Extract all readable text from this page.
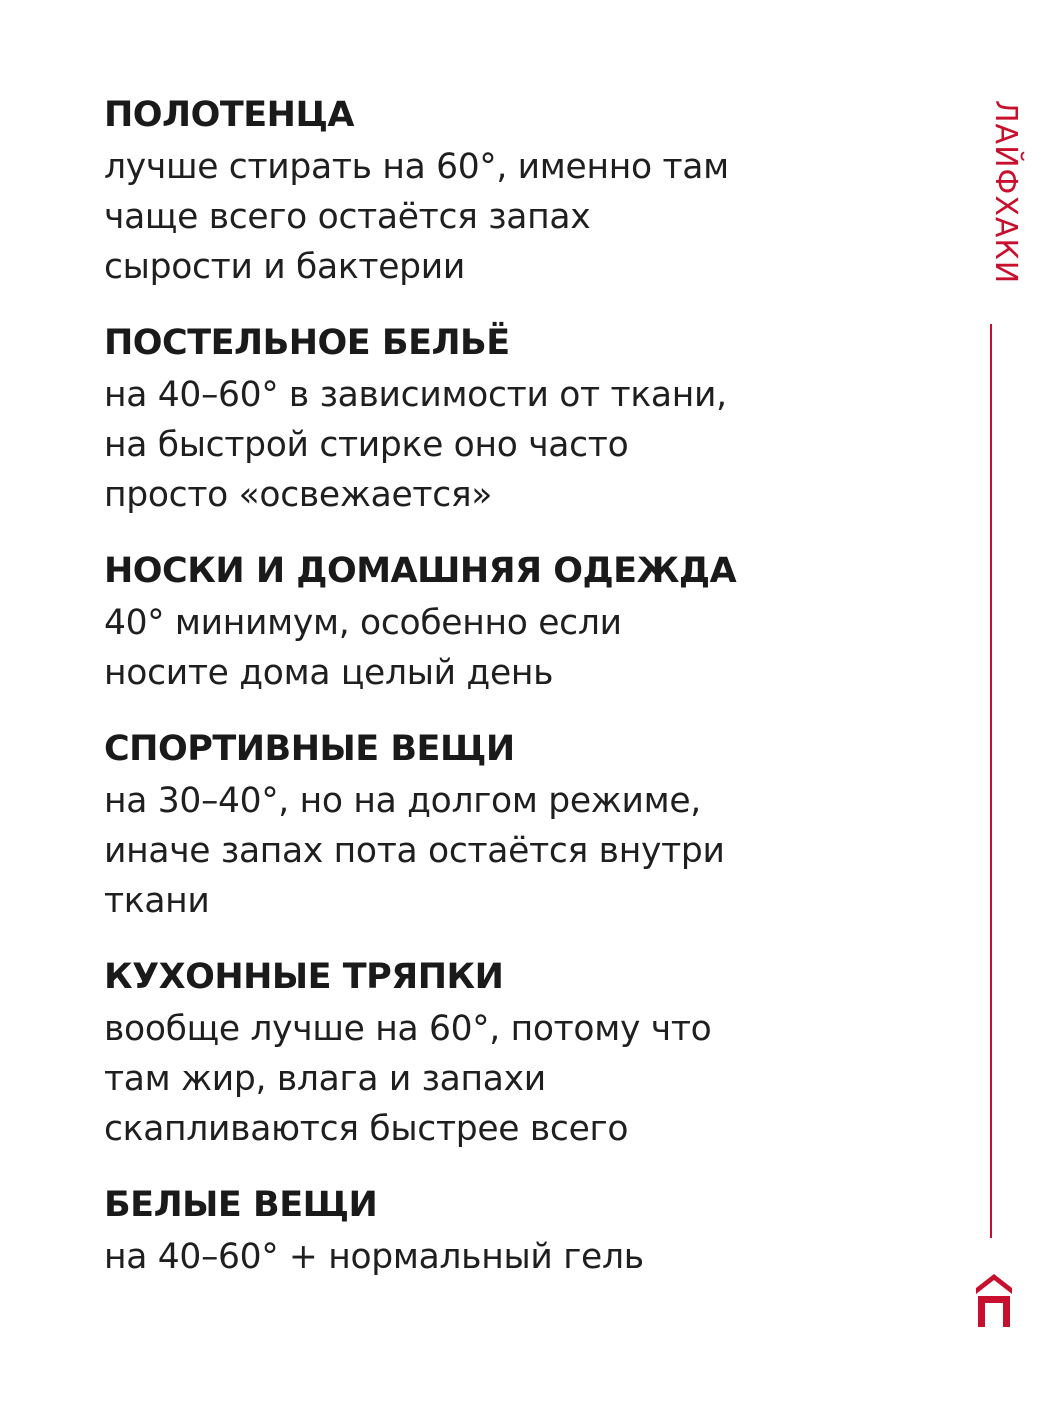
ПОЛОТЕНЦА

лучше стирать на 60°, именно там

чаще всего остаётся запах

сырости и бактерии

ПОСТЕЛЬНОЕ БЕЛЬЁ

на 40–60° в зависимости от ткани,

на быстрой стирке оно часто

просто «освежается»

НОСКИ И ДОМАШНЯЯ ОДЕЖДА

40° минимум, особенно если

носите дома целый день

СПОРТИВНЫЕ ВЕЩИ

на 30–40°, но на долгом режиме,

иначе запах пота остаётся внутри

ткани

КУХОННЫЕ ТРЯПКИ

вообще лучше на 60°, потому что

там жир, влага и запахи

скапливаются быстрее всего

БЕЛЫЕ ВЕЩИ

на 40–60° + нормальный гель

ЛАЙФХАКИ
